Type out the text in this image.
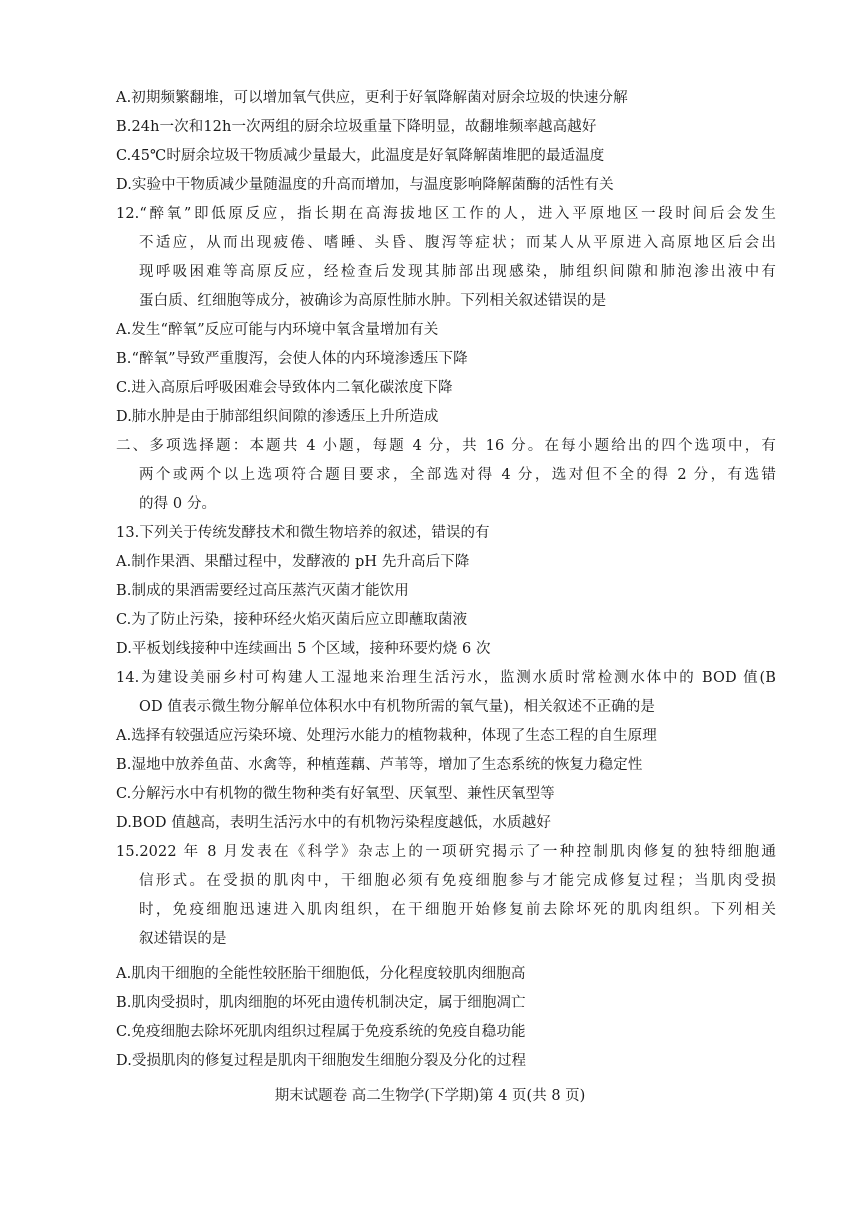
A.初期频繁翻堆，可以增加氧气供应，更利于好氧降解菌对厨余垃圾的快速分解
B.24h一次和12h一次两组的厨余垃圾重量下降明显，故翻堆频率越高越好
C.45℃时厨余垃圾干物质减少量最大，此温度是好氧降解菌堆肥的最适温度
D.实验中干物质减少量随温度的升高而增加，与温度影响降解菌酶的活性有关
12.“醉氧”即低原反应，指长期在高海拔地区工作的人，进入平原地区一段时间后会发生
不适应，从而出现疲倦、嗜睡、头昏、腹泻等症状；而某人从平原进入高原地区后会出
现呼吸困难等高原反应，经检查后发现其肺部出现感染，肺组织间隙和肺泡渗出液中有
蛋白质、红细胞等成分，被确诊为高原性肺水肿。下列相关叙述错误的是
A.发生“醉氧”反应可能与内环境中氧含量增加有关
B.“醉氧”导致严重腹泻，会使人体的内环境渗透压下降
C.进入高原后呼吸困难会导致体内二氧化碳浓度下降
D.肺水肿是由于肺部组织间隙的渗透压上升所造成
二、多项选择题：本题共 4 小题，每题 4 分，共 16 分。在每小题给出的四个选项中，有
两个或两个以上选项符合题目要求，全部选对得 4 分，选对但不全的得 2 分，有选错
的得 0 分。
13.下列关于传统发酵技术和微生物培养的叙述，错误的有
A.制作果酒、果醋过程中，发酵液的 pH 先升高后下降
B.制成的果酒需要经过高压蒸汽灭菌才能饮用
C.为了防止污染，接种环经火焰灭菌后应立即蘸取菌液
D.平板划线接种中连续画出 5 个区域，接种环要灼烧 6 次
14.为建设美丽乡村可构建人工湿地来治理生活污水，监测水质时常检测水体中的 BOD 值(B
OD 值表示微生物分解单位体积水中有机物所需的氧气量)，相关叙述不正确的是
A.选择有较强适应污染环境、处理污水能力的植物栽种，体现了生态工程的自生原理
B.湿地中放养鱼苗、水禽等，种植莲藕、芦苇等，增加了生态系统的恢复力稳定性
C.分解污水中有机物的微生物种类有好氧型、厌氧型、兼性厌氧型等
D.BOD 值越高，表明生活污水中的有机物污染程度越低，水质越好
15.2022 年 8 月发表在《科学》杂志上的一项研究揭示了一种控制肌肉修复的独特细胞通
信形式。在受损的肌肉中，干细胞必须有免疫细胞参与才能完成修复过程；当肌肉受损
时，免疫细胞迅速进入肌肉组织，在干细胞开始修复前去除坏死的肌肉组织。下列相关
叙述错误的是
A.肌肉干细胞的全能性较胚胎干细胞低，分化程度较肌肉细胞高
B.肌肉受损时，肌肉细胞的坏死由遗传机制决定，属于细胞凋亡
C.免疫细胞去除坏死肌肉组织过程属于免疫系统的免疫自稳功能
D.受损肌肉的修复过程是肌肉干细胞发生细胞分裂及分化的过程
期末试题卷 高二生物学(下学期)第 4 页(共 8 页)
